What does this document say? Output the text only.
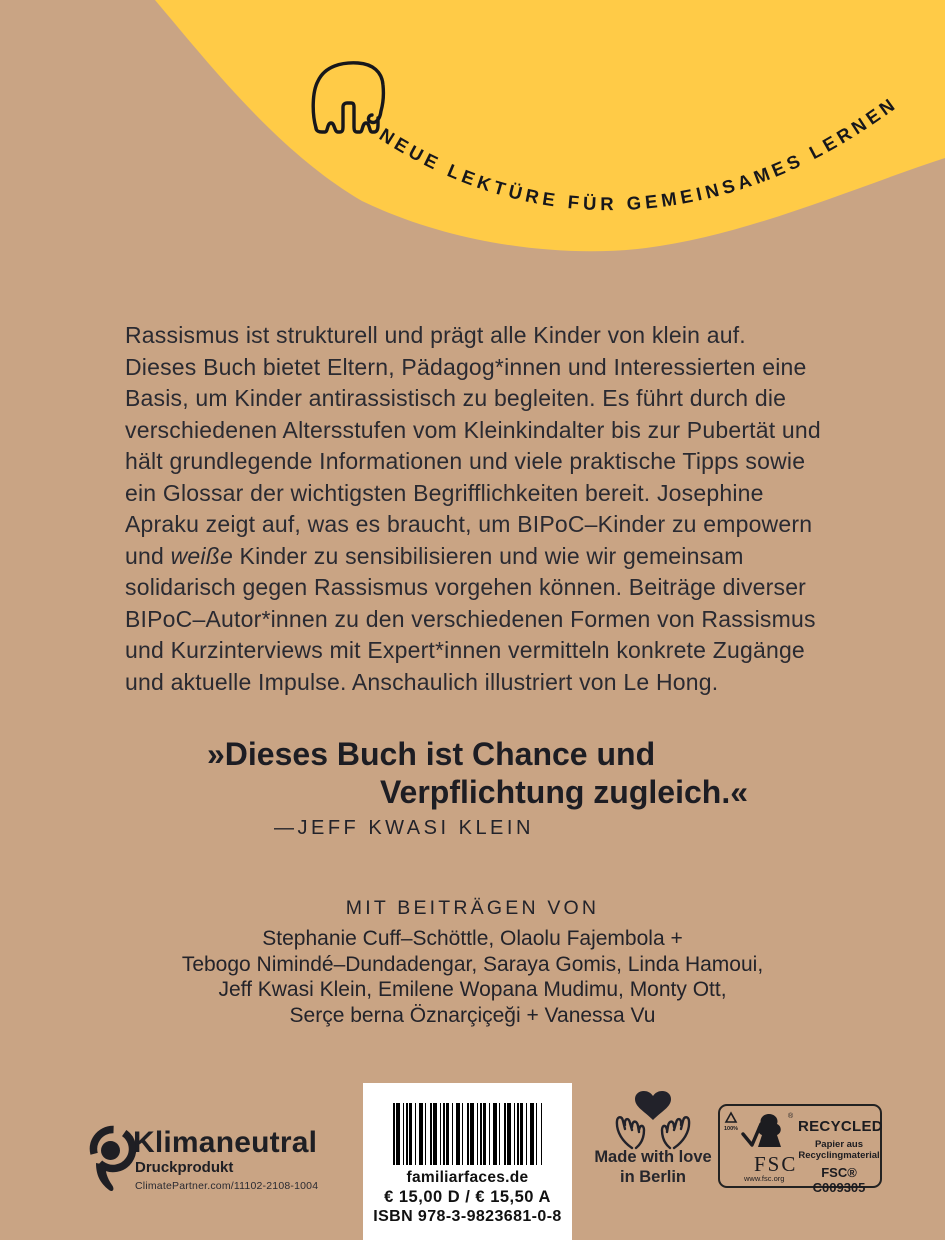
NEUE LEKTÜRE FÜR GEMEINSAMES LERNEN
Rassismus ist strukturell und prägt alle Kinder von klein auf.
Dieses Buch bietet Eltern, Pädagog*innen und Interessierten eine
Basis, um Kinder antirassistisch zu begleiten. Es führt durch die
verschiedenen Altersstufen vom Kleinkindalter bis zur Pubertät und
hält grundlegende Informationen und viele praktische Tipps sowie
ein Glossar der wichtigsten Begrifflichkeiten bereit. Josephine
Apraku zeigt auf, was es braucht, um BIPoC–Kinder zu empowern
und weiße Kinder zu sensibilisieren und wie wir gemeinsam
solidarisch gegen Rassismus vorgehen können. Beiträge diverser
BIPoC–Autor*innen zu den verschiedenen Formen von Rassismus
und Kurzinterviews mit Expert*innen vermitteln konkrete Zugänge
und aktuelle Impulse. Anschaulich illustriert von Le Hong.
»Dieses Buch ist Chance und
Verpflichtung zugleich.«
—JEFF KWASI KLEIN
MIT BEITRÄGEN VON
Stephanie Cuff–Schöttle, Olaolu Fajembola +
Tebogo Nimindé–Dundadengar, Saraya Gomis, Linda Hamoui,
Jeff Kwasi Klein, Emilene Wopana Mudimu, Monty Ott,
Serçe berna Öznarçiçeği + Vanessa Vu
Klimaneutral
Druckprodukt
ClimatePartner.com/11102-2108-1004	familiarfaces.de
€ 15,00 D / € 15,50 A
ISBN 978-3-9823681-0-8
Made with love
in Berlin
100%
®
FSC
www.fsc.org
RECYCLED
Papier aus
Recyclingmaterial
FSC® C009305
